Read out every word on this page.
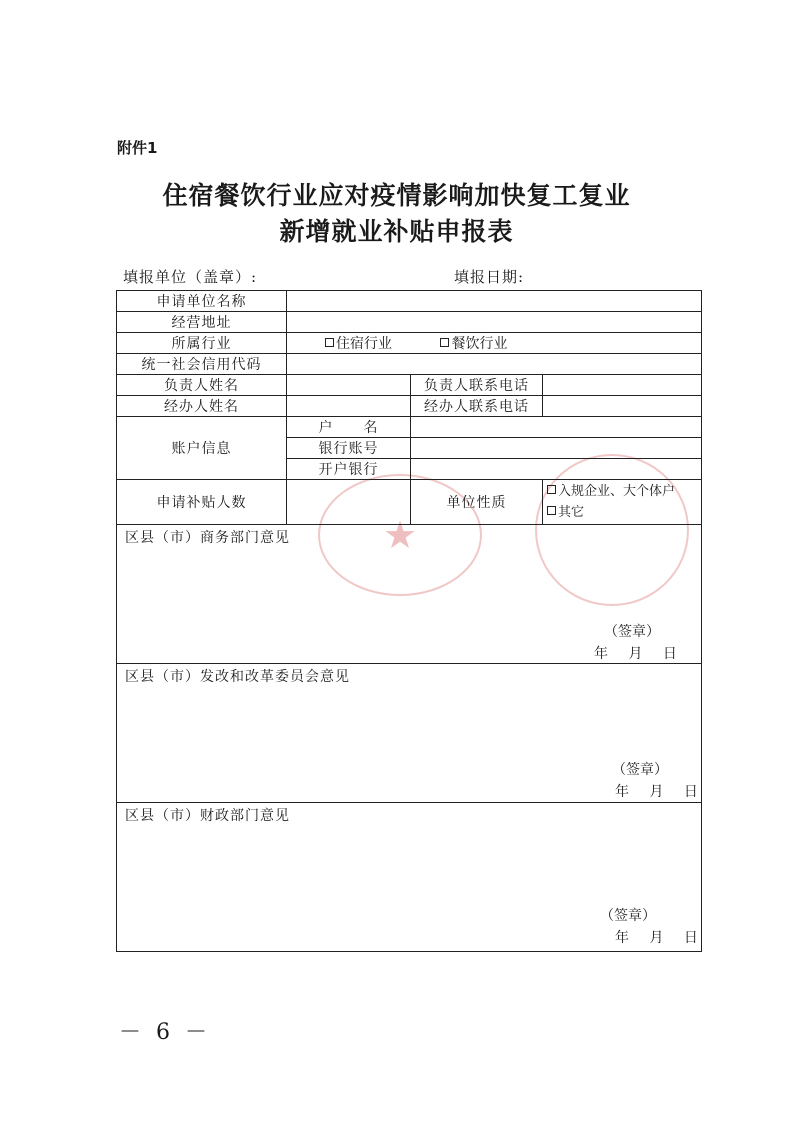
附件1
住宿餐饮行业应对疫情影响加快复工复业
新增就业补贴申报表
填报单位（盖章）:	填报日期:
★
申请单位名称			
经营地址			
所属行业	住宿行业 餐饮行业		
统一社会信用代码			
负责人姓名		负责人联系电话	
经办人姓名		经办人联系电话	
账户信息	户　　名		
	银行账号		
	开户银行		
申请补贴人数		单位性质	入规企业、大个体户
其它

区县（市）商务部门意见
（签章）
年 月 日			

区县（市）发改和改革委员会意见
（签章）
年 月 日			

区县（市）财政部门意见
（签章）
年 月 日			
－ 6 －
